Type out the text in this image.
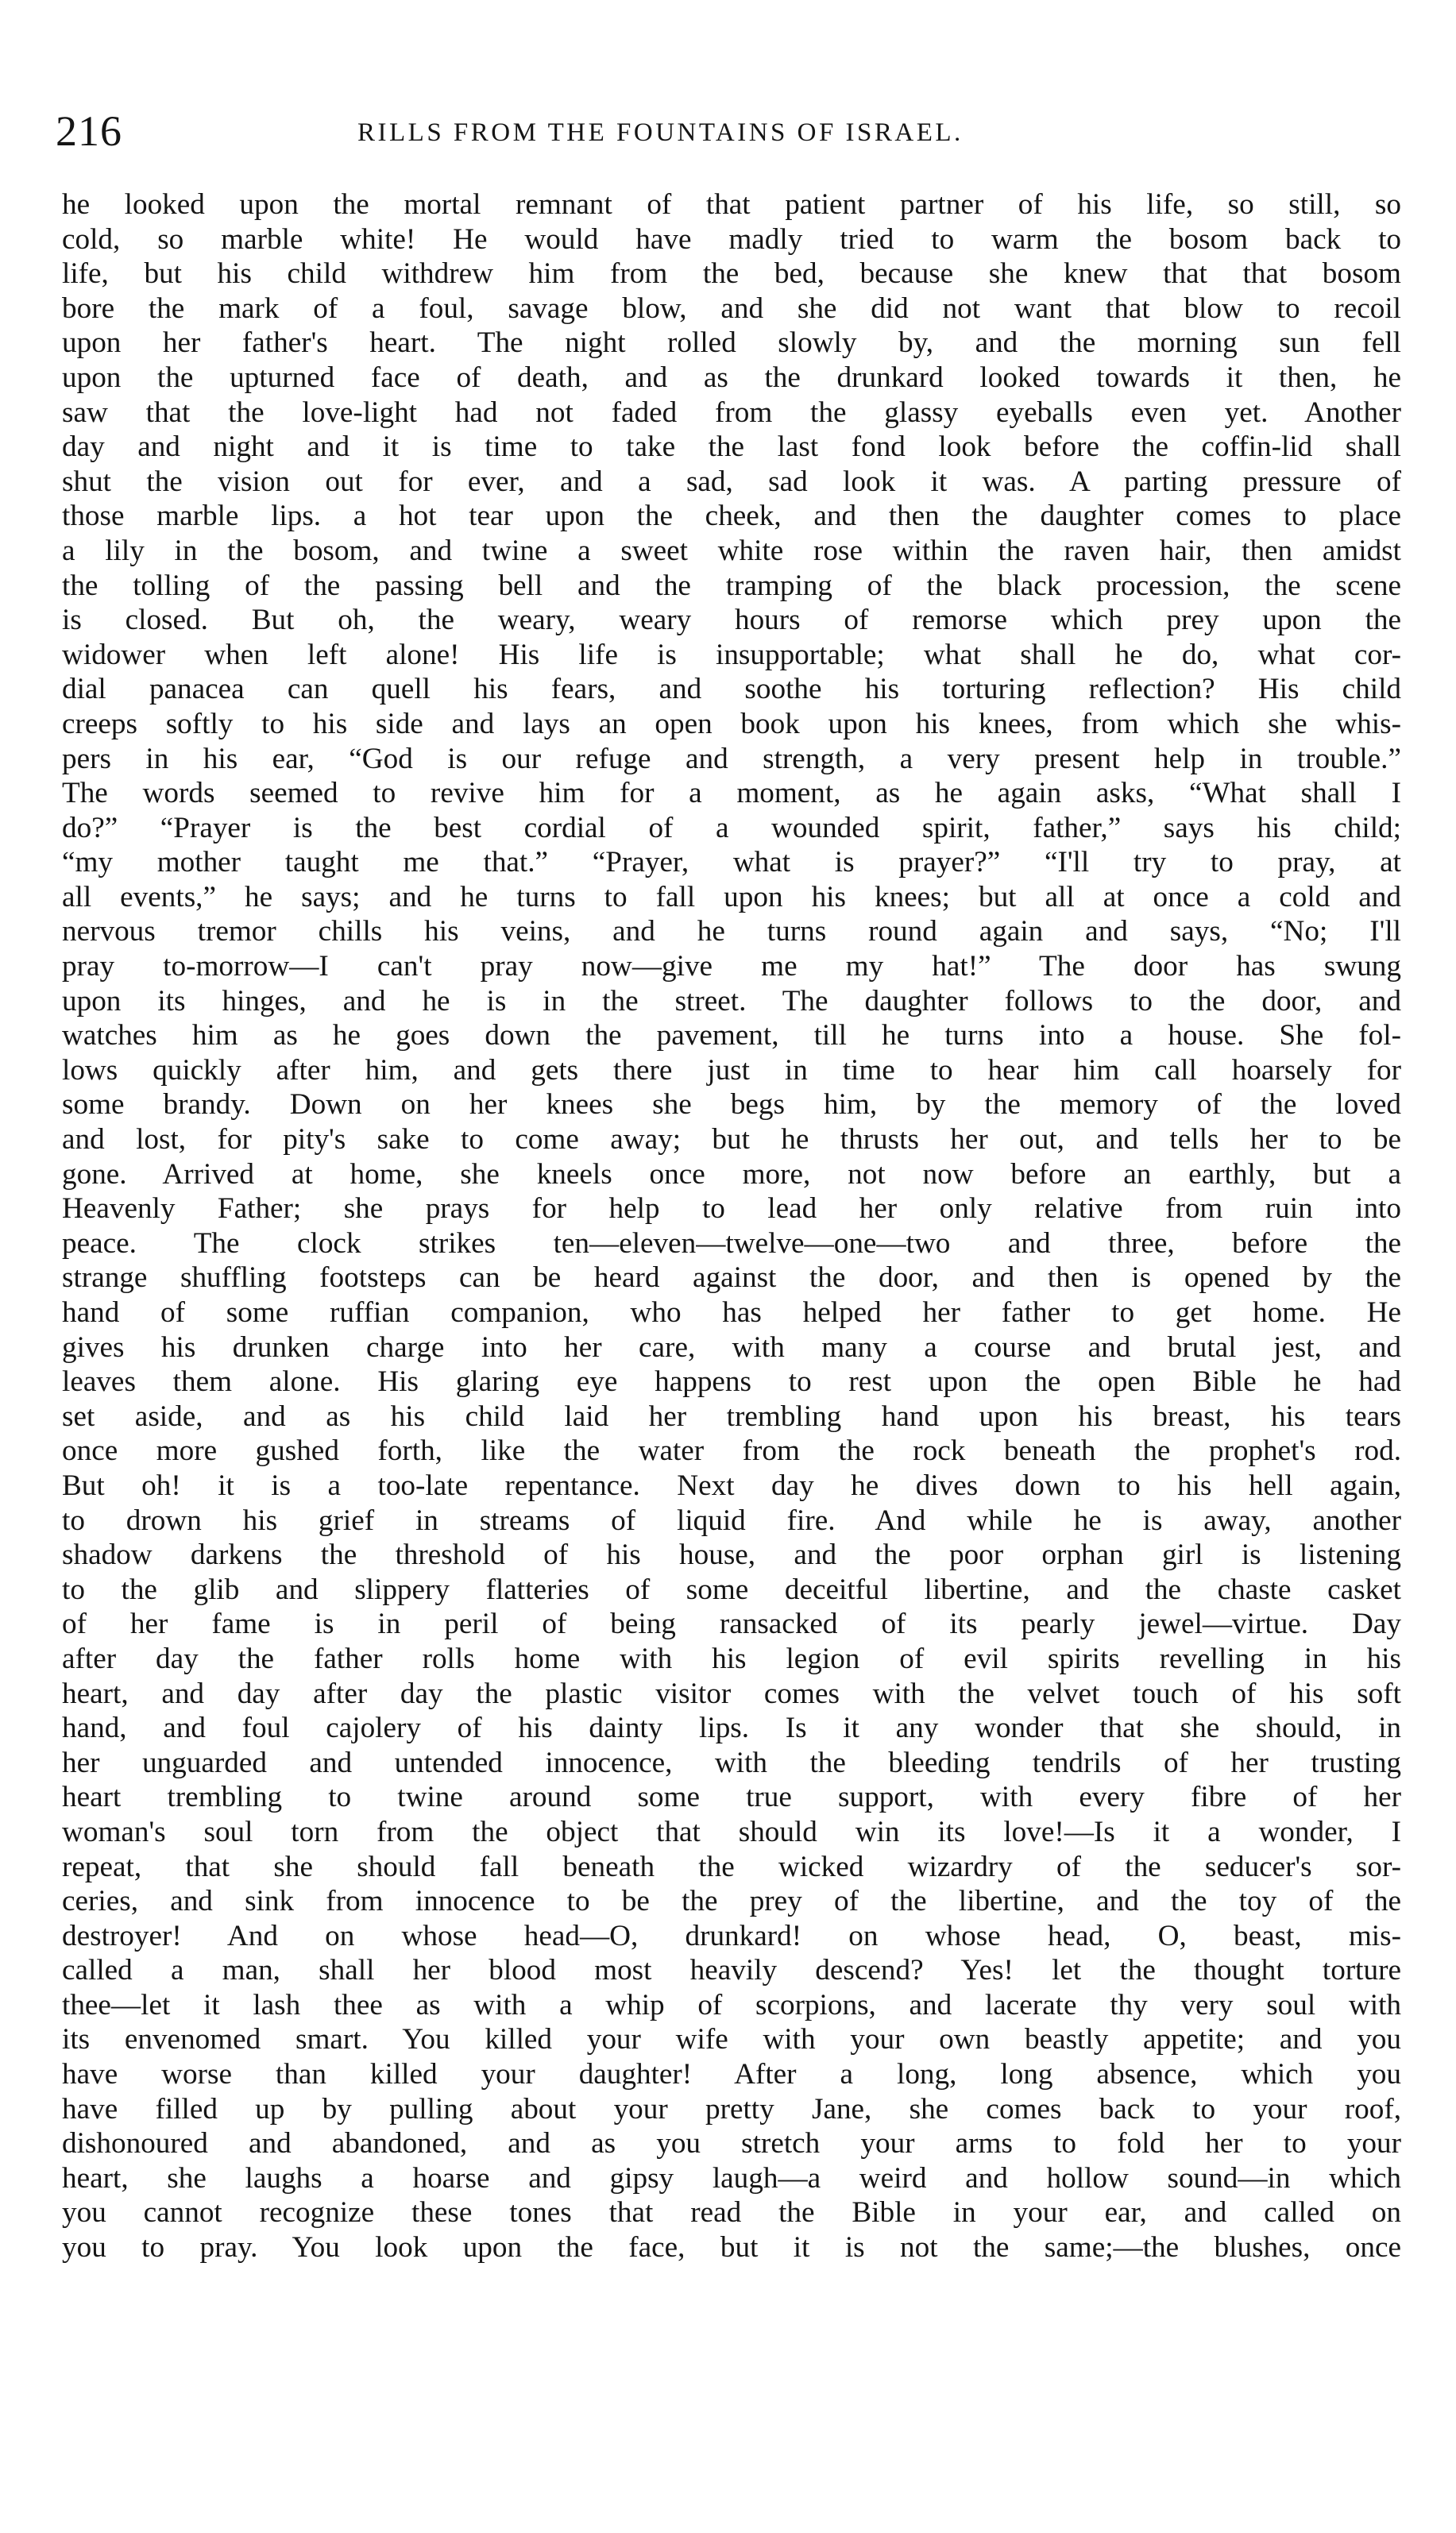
216	RILLS FROM THE FOUNTAINS OF ISRAEL.
he looked upon the mortal remnant of that patient partner of his life, so still, so
cold, so marble white! He would have madly tried to warm the bosom back to
life, but his child withdrew him from the bed, because she knew that that bosom
bore the mark of a foul, savage blow, and she did not want that blow to recoil
upon her father's heart. The night rolled slowly by, and the morning sun fell
upon the upturned face of death, and as the drunkard looked towards it then, he
saw that the love-light had not faded from the glassy eyeballs even yet. Another
day and night and it is time to take the last fond look before the coffin-lid shall
shut the vision out for ever, and a sad, sad look it was. A parting pressure of
those marble lips. a hot tear upon the cheek, and then the daughter comes to place
a lily in the bosom, and twine a sweet white rose within the raven hair, then amidst
the tolling of the passing bell and the tramping of the black procession, the scene
is closed. But oh, the weary, weary hours of remorse which prey upon the
widower when left alone! His life is insupportable; what shall he do, what cor-
dial panacea can quell his fears, and soothe his torturing reflection? His child
creeps softly to his side and lays an open book upon his knees, from which she whis-
pers in his ear, “God is our refuge and strength, a very present help in trouble.”
The words seemed to revive him for a moment, as he again asks, “What shall I
do?” “Prayer is the best cordial of a wounded spirit, father,” says his child;
“my mother taught me that.” “Prayer, what is prayer?” “I'll try to pray, at
all events,” he says; and he turns to fall upon his knees; but all at once a cold and
nervous tremor chills his veins, and he turns round again and says, “No; I'll
pray to-morrow—I can't pray now—give me my hat!” The door has swung
upon its hinges, and he is in the street. The daughter follows to the door, and
watches him as he goes down the pavement, till he turns into a house. She fol-
lows quickly after him, and gets there just in time to hear him call hoarsely for
some brandy. Down on her knees she begs him, by the memory of the loved
and lost, for pity's sake to come away; but he thrusts her out, and tells her to be
gone. Arrived at home, she kneels once more, not now before an earthly, but a
Heavenly Father; she prays for help to lead her only relative from ruin into
peace. The clock strikes ten—eleven—twelve—one—two and three, before the
strange shuffling footsteps can be heard against the door, and then is opened by the
hand of some ruffian companion, who has helped her father to get home. He
gives his drunken charge into her care, with many a course and brutal jest, and
leaves them alone. His glaring eye happens to rest upon the open Bible he had
set aside, and as his child laid her trembling hand upon his breast, his tears
once more gushed forth, like the water from the rock beneath the prophet's rod.
But oh! it is a too-late repentance. Next day he dives down to his hell again,
to drown his grief in streams of liquid fire. And while he is away, another
shadow darkens the threshold of his house, and the poor orphan girl is listening
to the glib and slippery flatteries of some deceitful libertine, and the chaste casket
of her fame is in peril of being ransacked of its pearly jewel—virtue. Day
after day the father rolls home with his legion of evil spirits revelling in his
heart, and day after day the plastic visitor comes with the velvet touch of his soft
hand, and foul cajolery of his dainty lips. Is it any wonder that she should, in
her unguarded and untended innocence, with the bleeding tendrils of her trusting
heart trembling to twine around some true support, with every fibre of her
woman's soul torn from the object that should win its love!—Is it a wonder, I
repeat, that she should fall beneath the wicked wizardry of the seducer's sor-
ceries, and sink from innocence to be the prey of the libertine, and the toy of the
destroyer! And on whose head—O, drunkard! on whose head, O, beast, mis-
called a man, shall her blood most heavily descend? Yes! let the thought torture
thee—let it lash thee as with a whip of scorpions, and lacerate thy very soul with
its envenomed smart. You killed your wife with your own beastly appetite; and you
have worse than killed your daughter! After a long, long absence, which you
have filled up by pulling about your pretty Jane, she comes back to your roof,
dishonoured and abandoned, and as you stretch your arms to fold her to your
heart, she laughs a hoarse and gipsy laugh—a weird and hollow sound—in which
you cannot recognize these tones that read the Bible in your ear, and called on
you to pray. You look upon the face, but it is not the same;—the blushes, once
